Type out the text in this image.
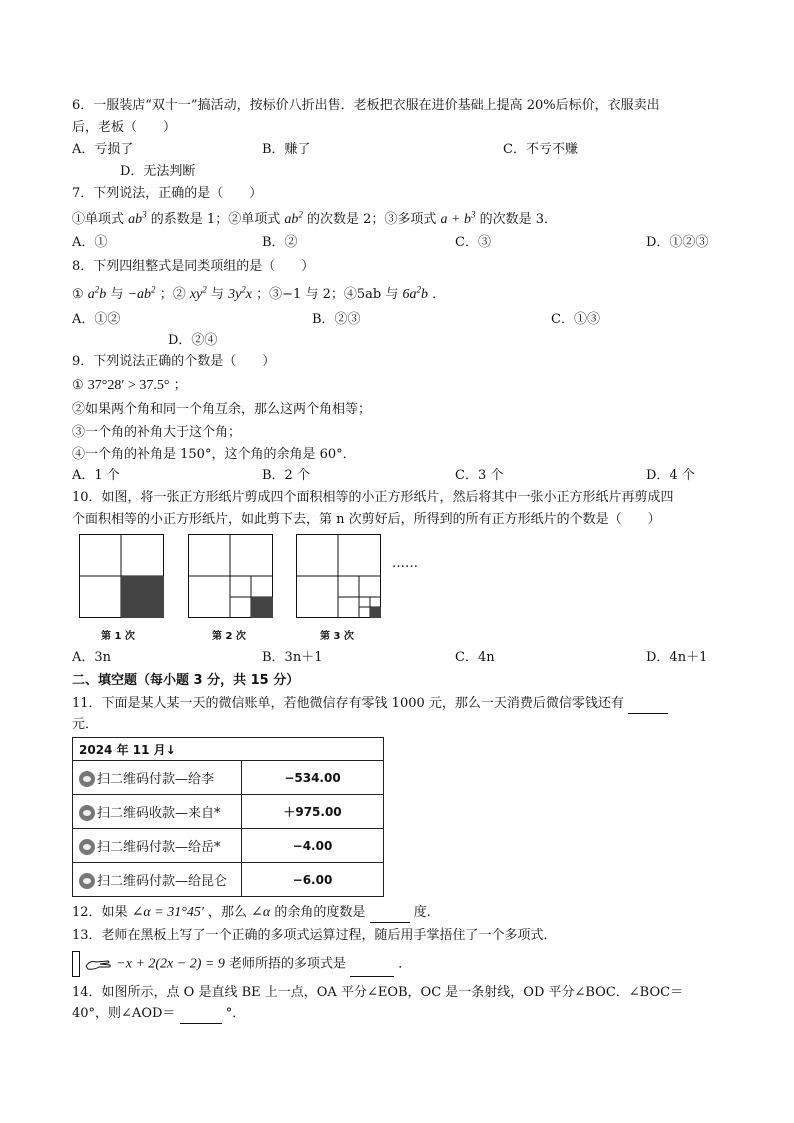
6．一服装店“双十一”搞活动，按标价八折出售．老板把衣服在进价基础上提高 20%后标价，衣服卖出
后，老板（　　）
A．亏损了	B．赚了	C．不亏不赚
D．无法判断
7．下列说法，正确的是（　　）
①单项式 $ab^3$ 的系数是 1；②单项式 $ab^2$ 的次数是 2；③多项式 $a + b^3$ 的次数是 3．
A．①	B．②	C．③	D．①②③
8．下列四组整式是同类项组的是（　　）
① $a^2b$ 与 $-ab^2$ ；② $xy^2$ 与 $3y^2x$ ；③−1 与 2；④5ab 与 $6a^2b$ ．
A．①②	B．②③	C．①③
D．②④
9．下列说法正确的个数是（　　）
① 37°28′ > 37.5° ；
②如果两个角和同一个角互余，那么这两个角相等；
③一个角的补角大于这个角；
④一个角的补角是 150°，这个角的余角是 60°．
A．1 个	B．2 个	C．3 个	D．4 个
10．如图，将一张正方形纸片剪成四个面积相等的小正方形纸片，然后将其中一张小正方形纸片再剪成四
个面积相等的小正方形纸片，如此剪下去，第 n 次剪好后，所得到的所有正方形纸片的个数是（　　）
……
第 1 次	第 2 次	第 3 次
A．3n	B．3n＋1	C．4n	D．4n＋1
二、填空题（每小题 3 分，共 15 分）
11．下面是某人某一天的微信账单，若他微信存有零钱 1000 元，那么一天消费后微信零钱还有
元．
2024 年 11 月↓	
扫二维码付款—给李	−534.00
扫二维码收款—来自*	＋975.00
扫二维码付款—给岳*	−4.00
扫二维码付款—给昆仑	−6.00
12．如果 ∠α = 31°45′ ，那么 ∠α 的余角的度数是	度．
13．老师在黑板上写了一个正确的多项式运算过程，随后用手掌捂住了一个多项式．
−x + 2(2x − 2) = 9 老师所捂的多项式是	．
14．如图所示，点 O 是直线 BE 上一点，OA 平分∠EOB，OC 是一条射线，OD 平分∠BOC．∠BOC＝
40°，则∠AOD＝	°．
